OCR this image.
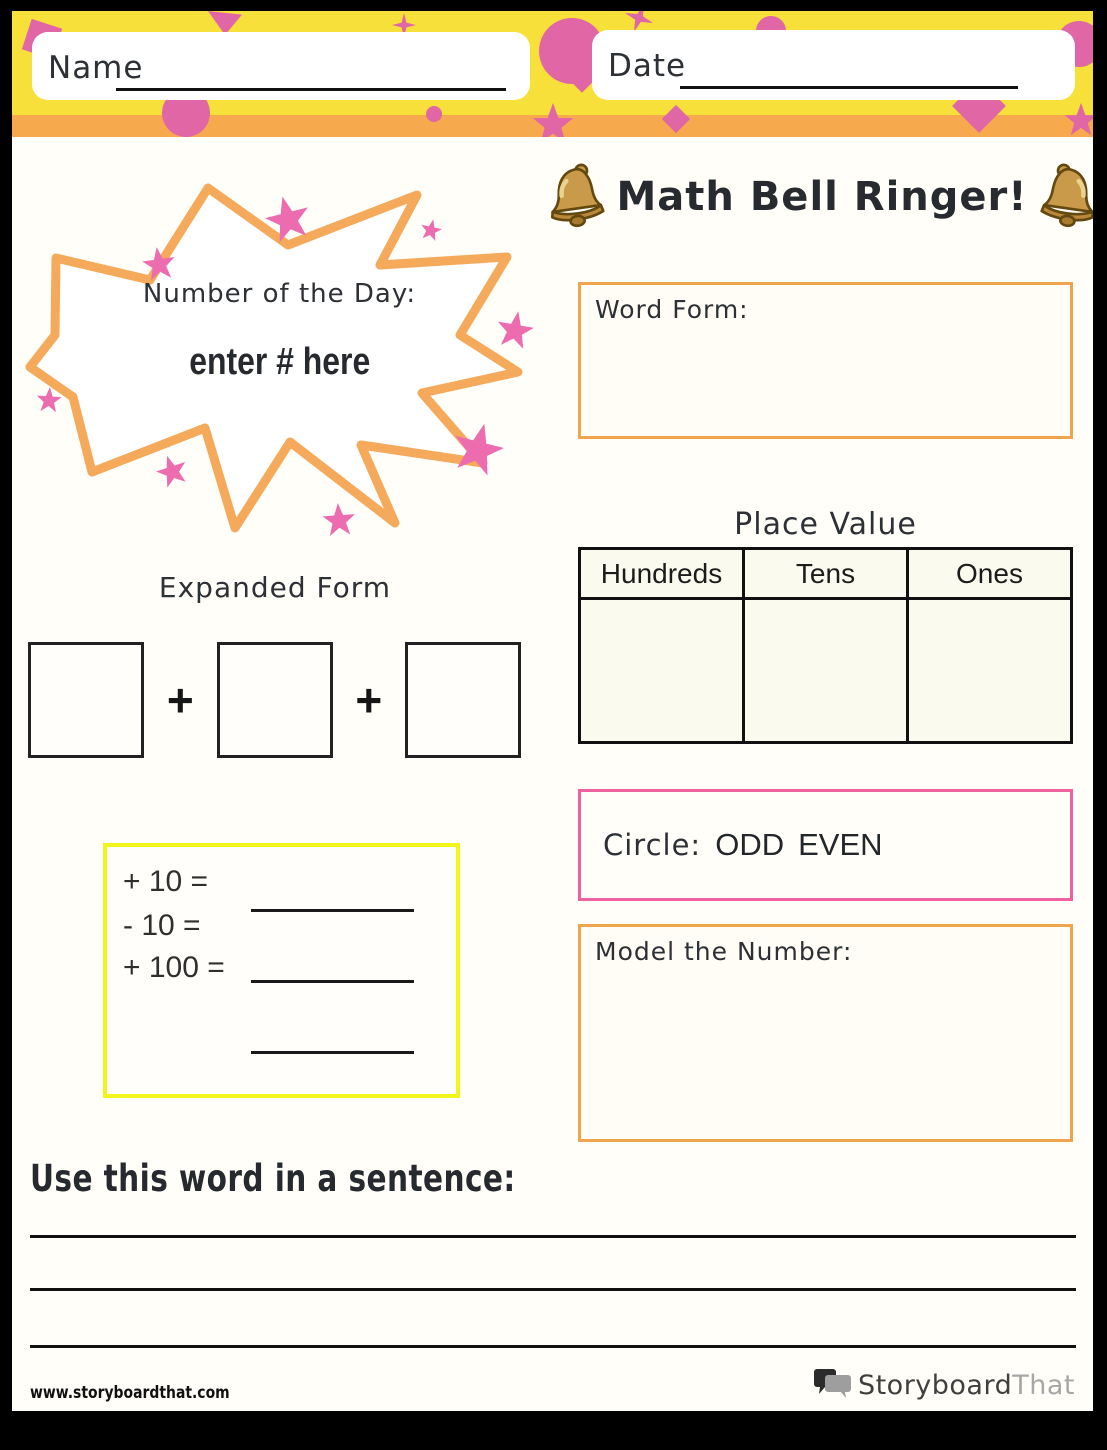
Name	Date
Math Bell Ringer!
Number of the Day:
enter # here
Word Form:
Place Value
Hundreds	Tens	Ones
Expanded Form
+	+
+ 10 =
- 10 =
+ 100 =
Circle: ODD EVEN
Model the Number:
Use this word in a sentence:
www.storyboardthat.com	StoryboardThat
